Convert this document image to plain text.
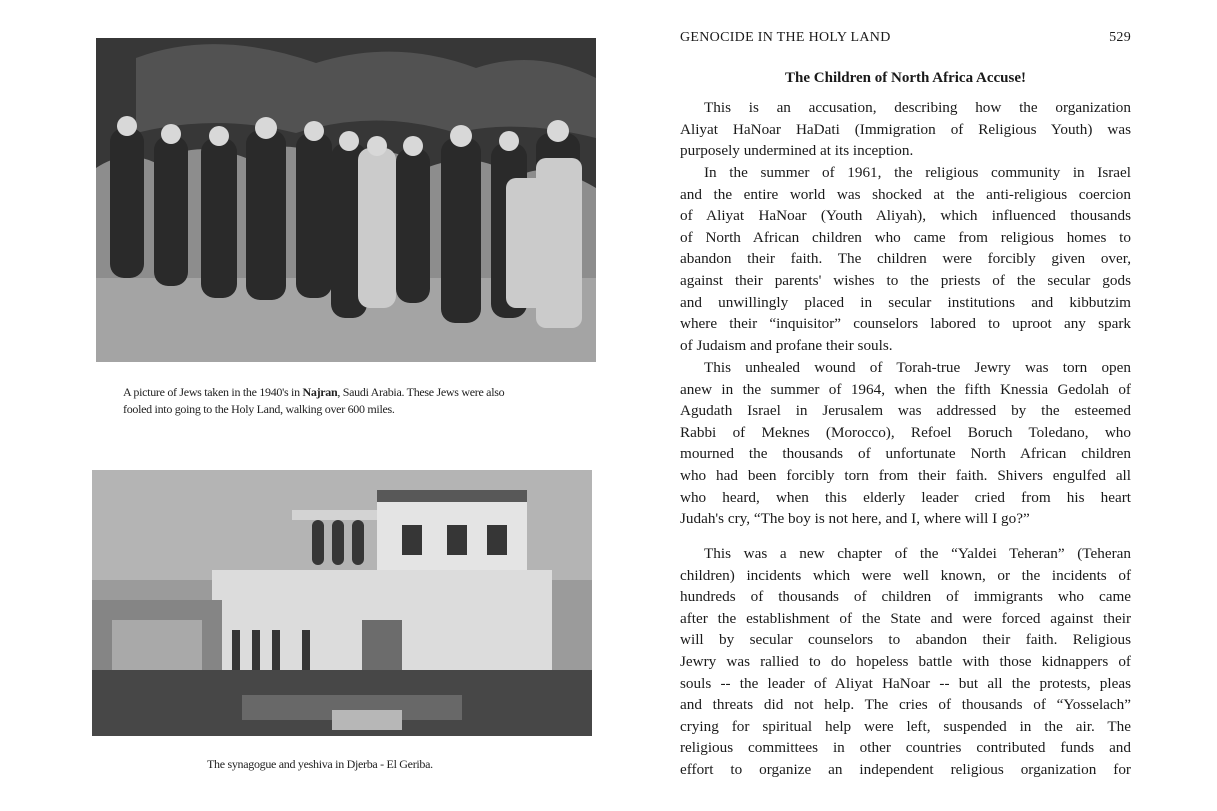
A picture of Jews taken in the 1940's in Najran, Saudi Arabia. These Jews were also
fooled into going to the Holy Land, walking over 600 miles.
The synagogue and yeshiva in Djerba - El Geriba.
GENOCIDE IN THE HOLY LAND	529
The Children of North Africa Accuse!
This is an accusation, describing how the organization
Aliyat HaNoar HaDati (Immigration of Religious Youth) was
purposely undermined at its inception.
In the summer of 1961, the religious community in Israel
and the entire world was shocked at the anti-religious coercion
of Aliyat HaNoar (Youth Aliyah), which influenced thousands
of North African children who came from religious homes to
abandon their faith. The children were forcibly given over,
against their parents' wishes to the priests of the secular gods
and unwillingly placed in secular institutions and kibbutzim
where their “inquisitor” counselors labored to uproot any spark
of Judaism and profane their souls.
This unhealed wound of Torah-true Jewry was torn open
anew in the summer of 1964, when the fifth Knessia Gedolah of
Agudath Israel in Jerusalem was addressed by the esteemed
Rabbi of Meknes (Morocco), Refoel Boruch Toledano, who
mourned the thousands of unfortunate North African children
who had been forcibly torn from their faith. Shivers engulfed all
who heard, when this elderly leader cried from his heart
Judah's cry, “The boy is not here, and I, where will I go?”
This was a new chapter of the “Yaldei Teheran” (Teheran
children) incidents which were well known, or the incidents of
hundreds of thousands of children of immigrants who came
after the establishment of the State and were forced against their
will by secular counselors to abandon their faith. Religious
Jewry was rallied to do hopeless battle with those kidnappers of
souls -- the leader of Aliyat HaNoar -- but all the protests, pleas
and threats did not help. The cries of thousands of “Yosselach”
crying for spiritual help were left, suspended in the air. The
religious committees in other countries contributed funds and
effort to organize an independent religious organization for
